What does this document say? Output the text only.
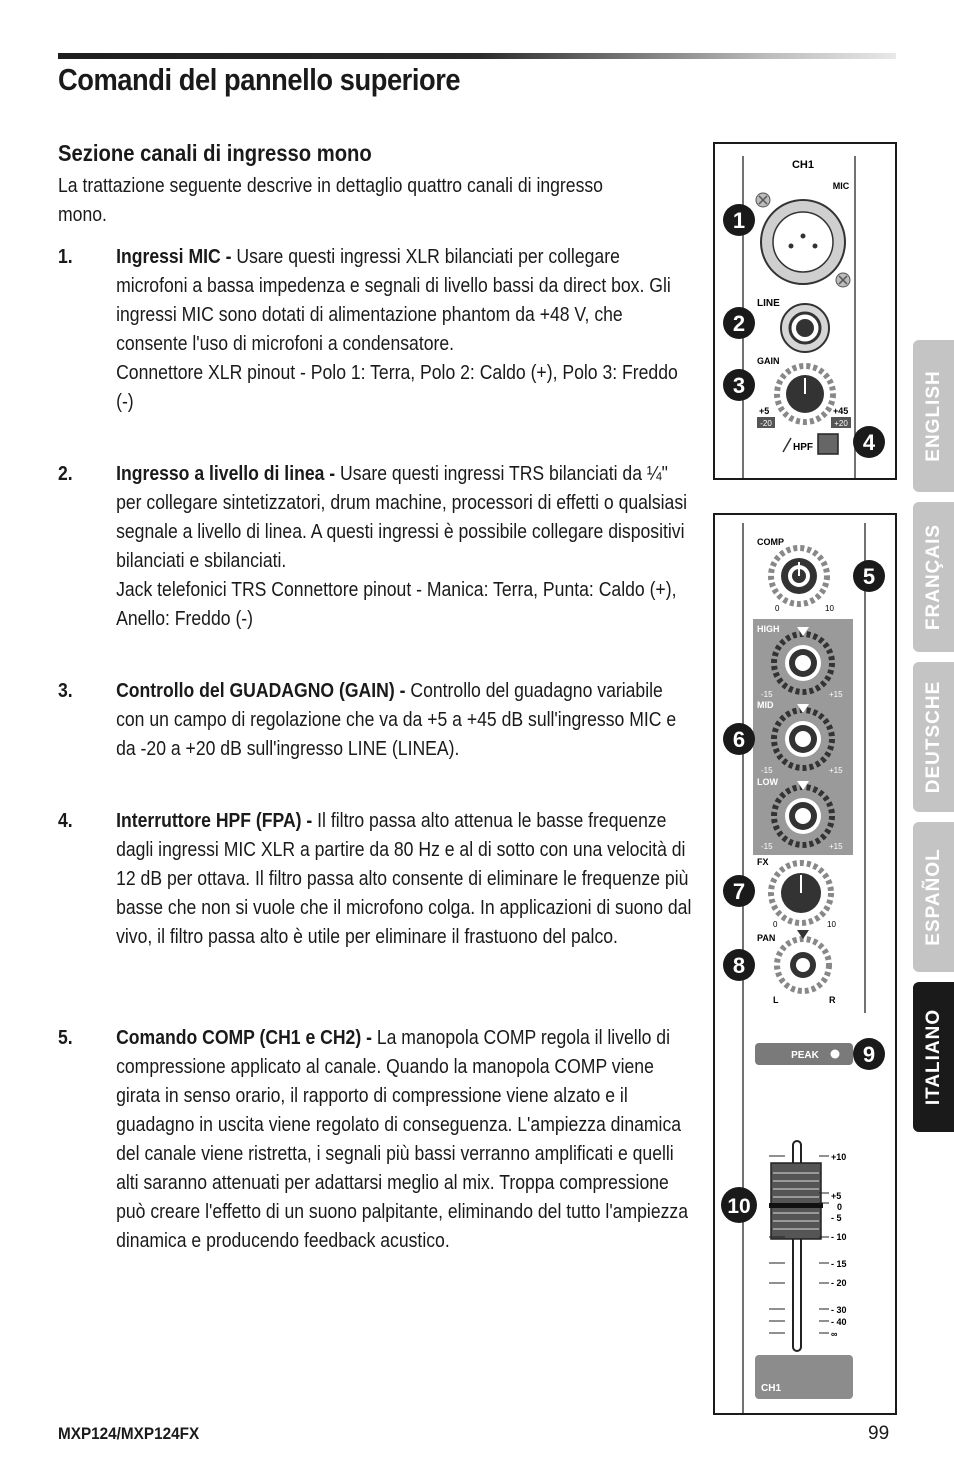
Comandi del pannello superiore
Sezione canali di ingresso mono
La trattazione seguente descrive in dettaglio quattro canali di ingresso mono.
1. Ingressi MIC - Usare questi ingressi XLR bilanciati per collegare microfoni a bassa impedenza e segnali di livello bassi da direct box. Gli ingressi MIC sono dotati di alimentazione phantom da +48 V, che consente l'uso di microfoni a condensatore.
Connettore XLR pinout - Polo 1: Terra, Polo 2: Caldo (+), Polo 3: Freddo (-)
2. Ingresso a livello di linea - Usare questi ingressi TRS bilanciati da ¼" per collegare sintetizzatori, drum machine, processori di effetti o qualsiasi segnale a livello di linea. A questi ingressi è possibile collegare dispositivi bilanciati e sbilanciati.
Jack telefonici TRS Connettore pinout - Manica: Terra, Punta: Caldo (+), Anello: Freddo (-)
3. Controllo del GUADAGNO (GAIN) - Controllo del guadagno variabile con un campo di regolazione che va da +5 a +45 dB sull'ingresso MIC e da -20 a +20 dB sull'ingresso LINE (LINEA).
4. Interruttore HPF (FPA) - Il filtro passa alto attenua le basse frequenze dagli ingressi MIC XLR a partire da 80 Hz e al di sotto con una velocità di 12 dB per ottava. Il filtro passa alto consente di eliminare le frequenze più basse che non si vuole che il microfono colga. In applicazioni di suono dal vivo, il filtro passa alto è utile per eliminare il frastuono del palco.
5. Comando COMP (CH1 e CH2) - La manopola COMP regola il livello di compressione applicato al canale. Quando la manopola COMP viene girata in senso orario, il rapporto di compressione viene alzato e il guadagno in uscita viene regolato di conseguenza. L'ampiezza dinamica del canale viene ristretta, i segnali più bassi verranno amplificati e quelli alti saranno attenuati per adattarsi meglio al mix. Troppa compressione può creare l'effetto di un suono palpitante, eliminando del tutto l'ampiezza dinamica e producendo feedback acustico.
ENGLISH
FRANÇAIS
DEUTSCHE
ESPAÑOL
ITALIANO
CH1
MIC
LINE
GAIN
+5	+45
-20	+20
HPF
1
2
3
4
COMP
0	10
HIGH
-15	+15
MID
-15	+15
LOW
-15	+15
FX
0	10
PAN
L	R
PEAK
+10
+5
0
- 5
- 10
- 15
- 20
- 30
- 40
∞
CH1
5
6
7
8
9
10
MXP124/MXP124FX	99
